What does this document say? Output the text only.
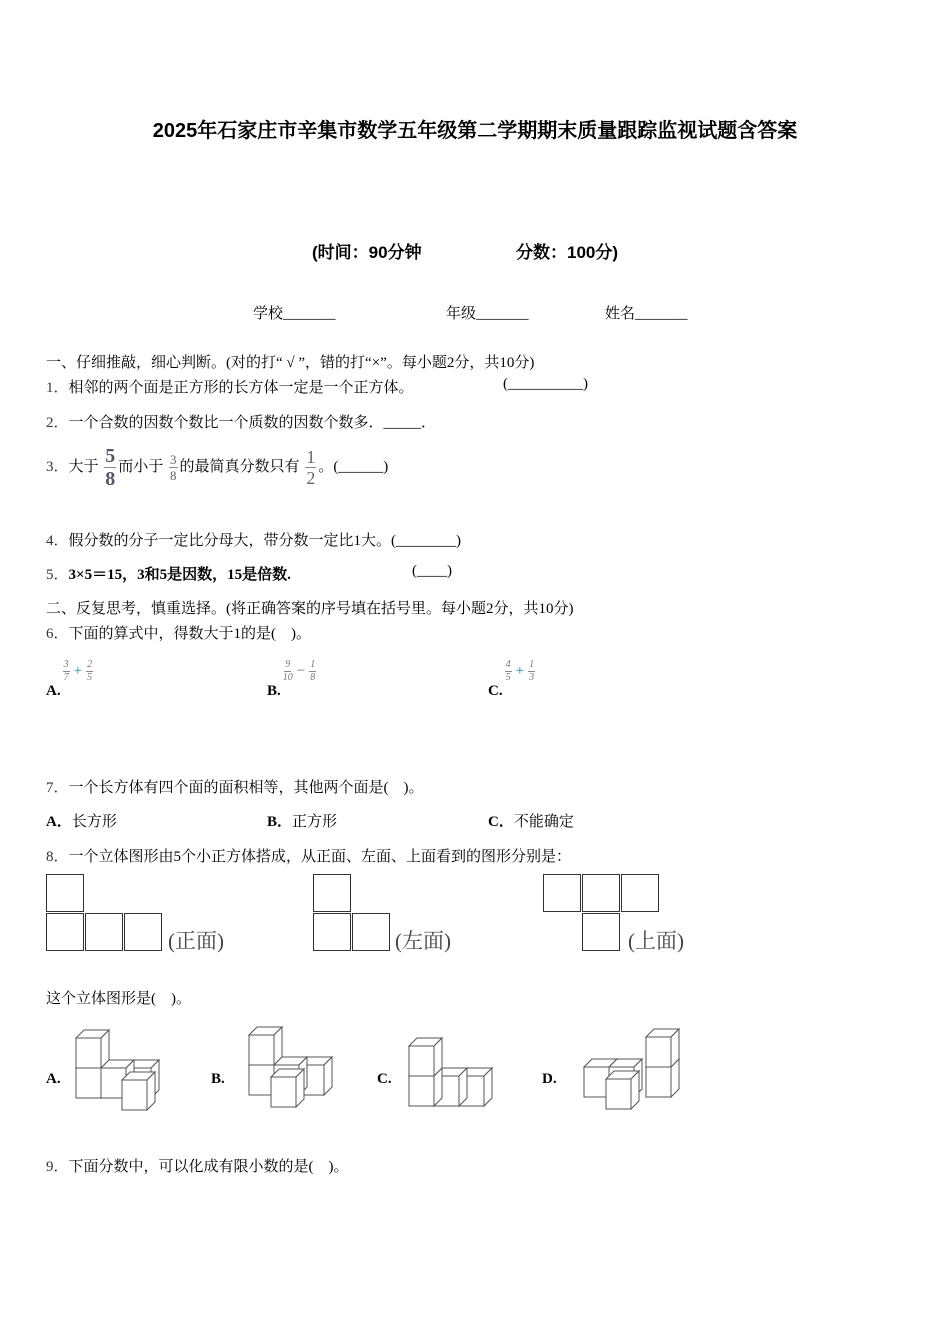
2025年石家庄市辛集市数学五年级第二学期期末质量跟踪监视试题含答案
(时间：90分钟	分数：100分)
学校_______	年级_______	姓名_______
一、仔细推敲，细心判断。(对的打“ √ ”，错的打“×”。每小题2分，共10分)
1．相邻的两个面是正方形的长方体一定是一个正方体。	(__________)
2．一个合数的因数个数比一个质数的因数个数多．_____．
3．大于 $\frac{5}{8}$ 而小于 $\frac{3}{8}$ 的最简真分数只有 $\frac{1}{2}$ 。(______)
4．假分数的分子一定比分母大，带分数一定比1大。(________)
5．3×5＝15，3和5是因数，15是倍数.	(____)
二、反复思考，慎重选择。(将正确答案的序号填在括号里。每小题2分，共10分)
6．下面的算式中，得数大于1的是(　)。
A.
$\frac{3}{7} + \frac{2}{5}$
B.
$\frac{9}{10} - \frac{1}{8}$
C.
$\frac{4}{5} + \frac{1}{3}$
7．一个长方体有四个面的面积相等，其他两个面是(　)。
A．长方形	B．正方形	C．不能确定
8．一个立体图形由5个小正方体搭成，从正面、左面、上面看到的图形分别是：
(正面)	(左面)	(上面)
这个立体图形是(　)。
A.	B.	C.	D.
9．下面分数中，可以化成有限小数的是(　)。
